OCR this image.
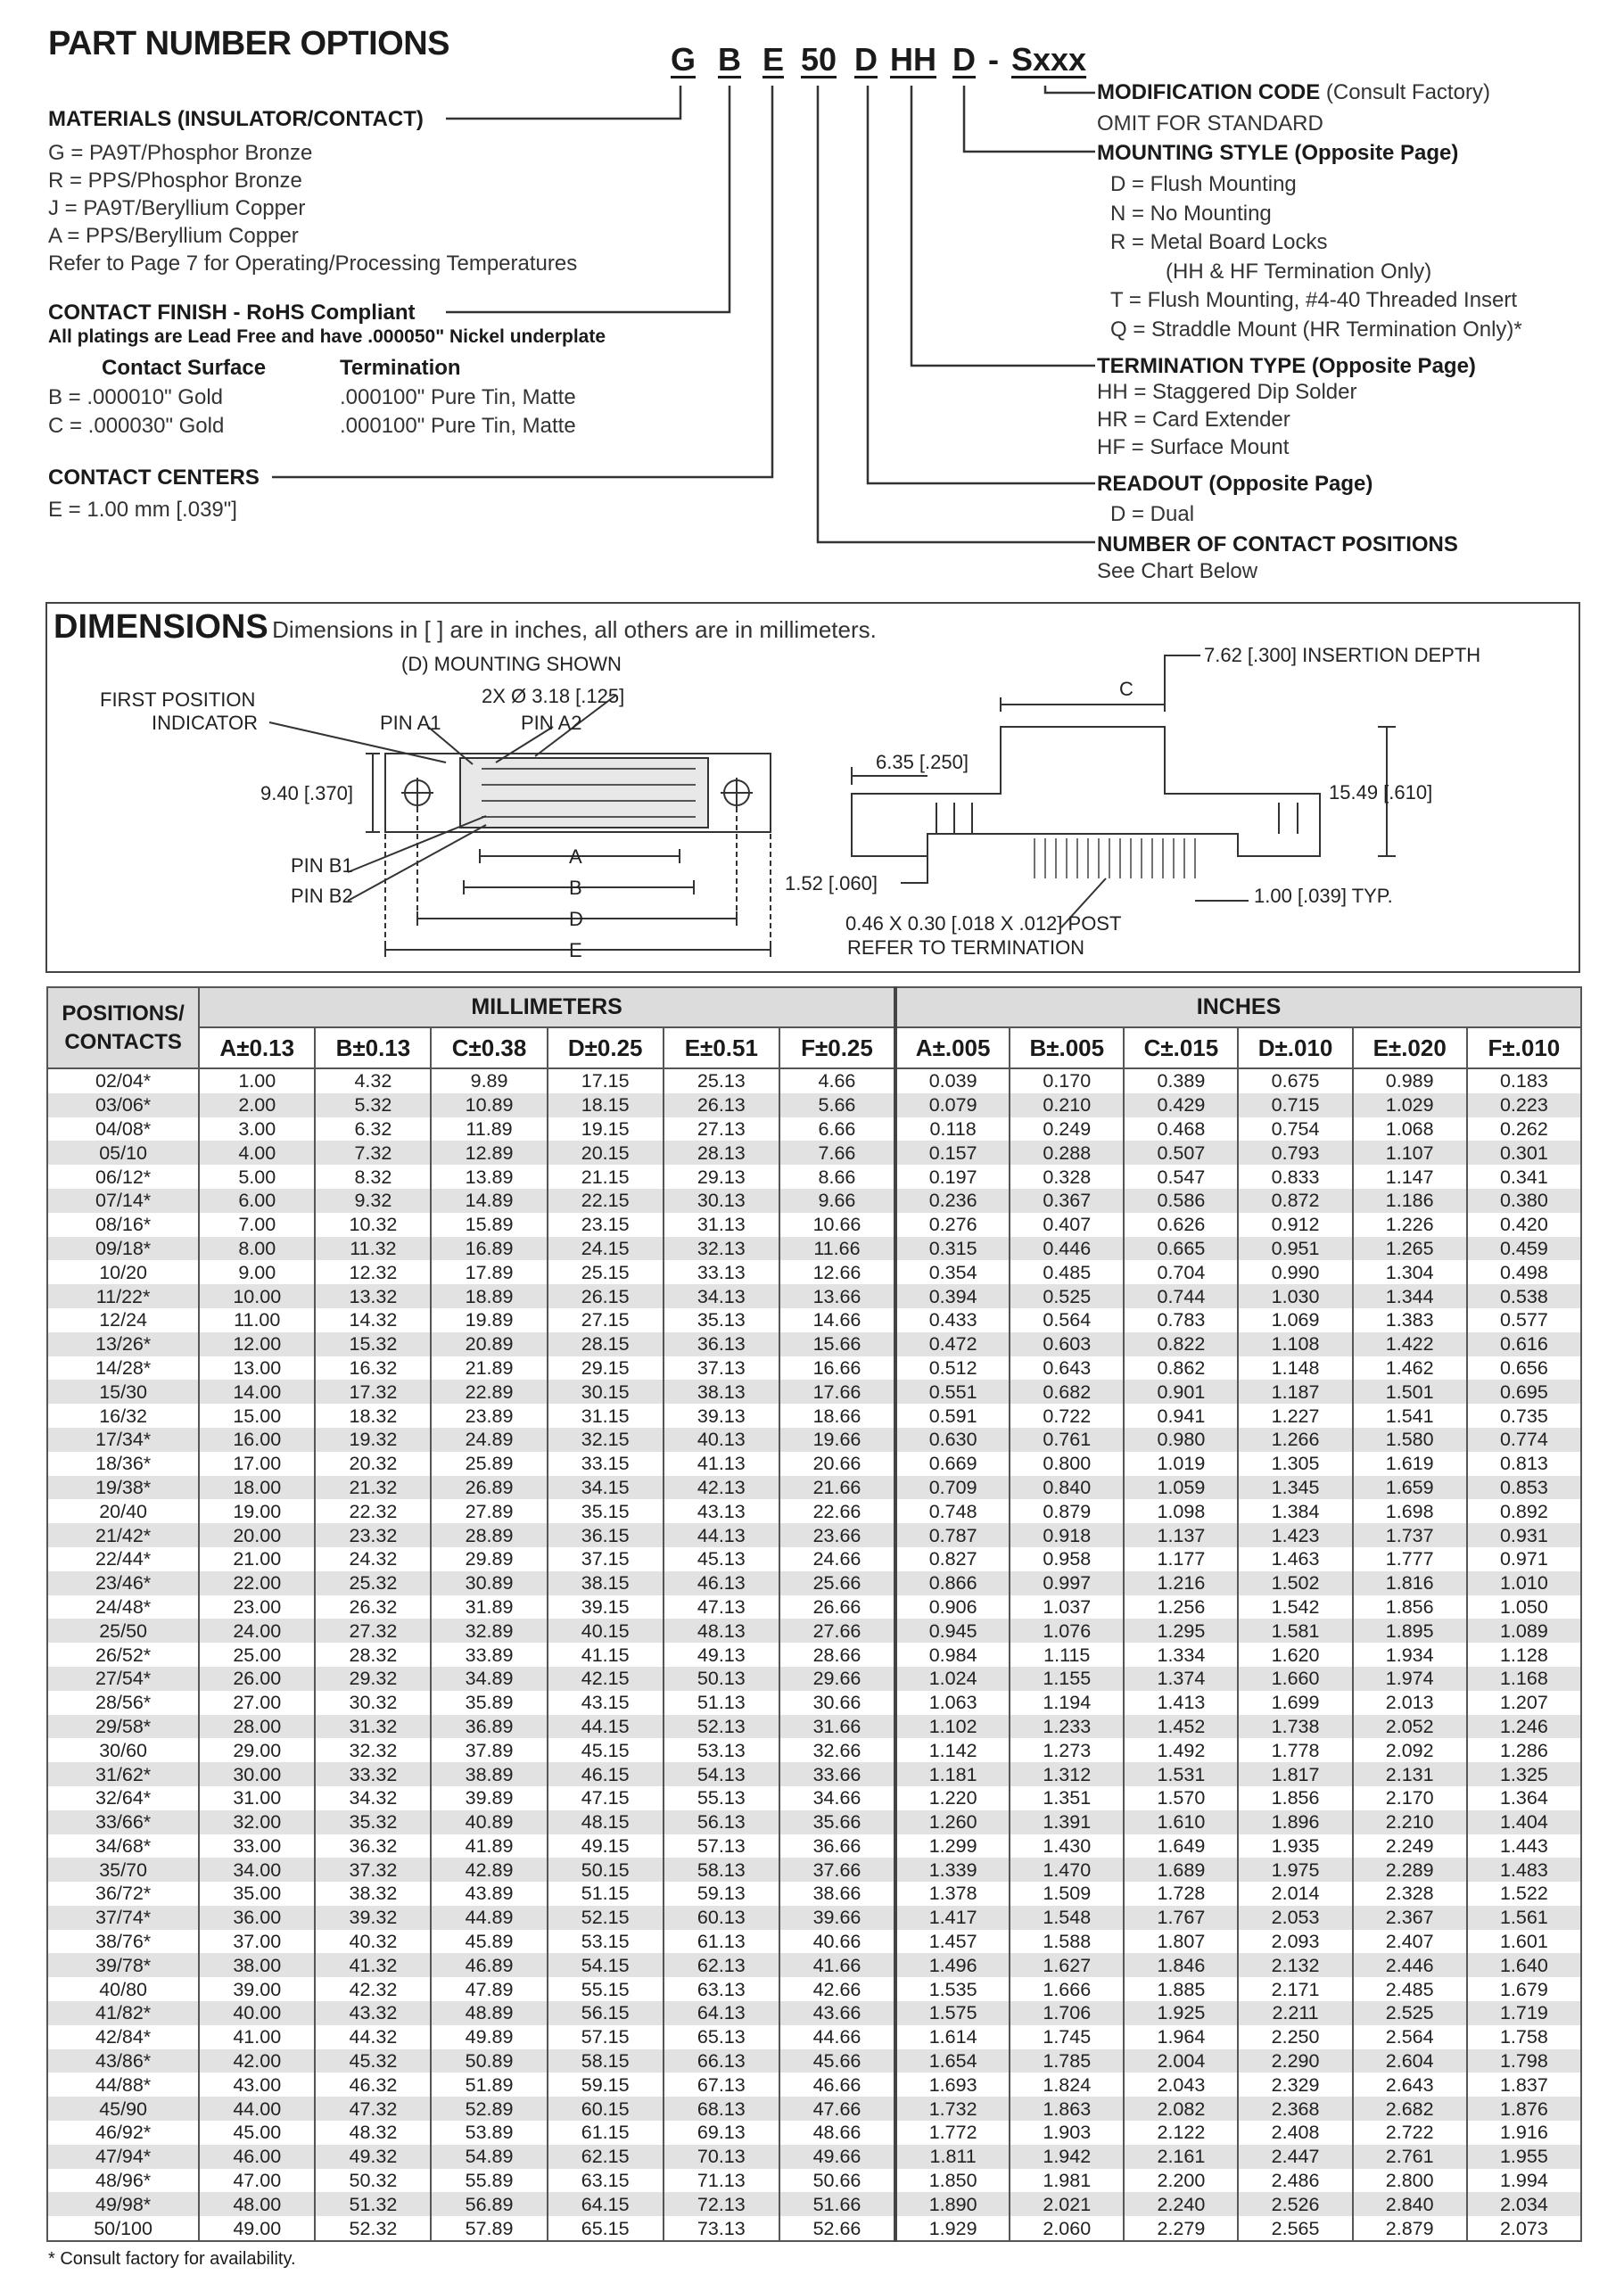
PART NUMBER OPTIONS	G B E 50 D HH D - Sxxx
MATERIALS (INSULATOR/CONTACT)
G = PA9T/Phosphor Bronze
R = PPS/Phosphor Bronze
J = PA9T/Beryllium Copper
A = PPS/Beryllium Copper
Refer to Page 7 for Operating/Processing Temperatures
CONTACT FINISH - RoHS Compliant
All platings are Lead Free and have .000050" Nickel underplate
Contact Surface	Termination
B = .000010" Gold	.000100" Pure Tin, Matte
C = .000030" Gold	.000100" Pure Tin, Matte
CONTACT CENTERS
E = 1.00 mm [.039"]
MODIFICATION CODE (Consult Factory)
OMIT FOR STANDARD
MOUNTING STYLE (Opposite Page)
D = Flush Mounting
N = No Mounting
R = Metal Board Locks
(HH & HF Termination Only)
T = Flush Mounting, #4-40 Threaded Insert
Q = Straddle Mount (HR Termination Only)*
TERMINATION TYPE (Opposite Page)
HH = Staggered Dip Solder
HR = Card Extender
HF = Surface Mount
READOUT (Opposite Page)
D = Dual
NUMBER OF CONTACT POSITIONS
See Chart Below
DIMENSIONS Dimensions in [ ] are in inches, all others are in millimeters.
(D) MOUNTING SHOWN
2X Ø 3.18 [.125]
FIRST POSITION
INDICATOR	PIN A1	PIN A2
9.40 [.370]
PIN B1
PIN B2
A
B
D
E
C
7.62 [.300] INSERTION DEPTH
6.35 [.250]
15.49 [.610]
1.52 [.060]
1.00 [.039] TYP.
0.46 X 0.30 [.018 X .012] POST
REFER TO TERMINATION
POSITIONS/
CONTACTS	MILLIMETERS						INCHES					
	A±0.13	B±0.13	C±0.38	D±0.25	E±0.51	F±0.25	A±.005	B±.005	C±.015	D±.010	E±.020	F±.010
02/04*	1.00	4.32	9.89	17.15	25.13	4.66	0.039	0.170	0.389	0.675	0.989	0.183
03/06*	2.00	5.32	10.89	18.15	26.13	5.66	0.079	0.210	0.429	0.715	1.029	0.223
04/08*	3.00	6.32	11.89	19.15	27.13	6.66	0.118	0.249	0.468	0.754	1.068	0.262
05/10	4.00	7.32	12.89	20.15	28.13	7.66	0.157	0.288	0.507	0.793	1.107	0.301
06/12*	5.00	8.32	13.89	21.15	29.13	8.66	0.197	0.328	0.547	0.833	1.147	0.341
07/14*	6.00	9.32	14.89	22.15	30.13	9.66	0.236	0.367	0.586	0.872	1.186	0.380
08/16*	7.00	10.32	15.89	23.15	31.13	10.66	0.276	0.407	0.626	0.912	1.226	0.420
09/18*	8.00	11.32	16.89	24.15	32.13	11.66	0.315	0.446	0.665	0.951	1.265	0.459
10/20	9.00	12.32	17.89	25.15	33.13	12.66	0.354	0.485	0.704	0.990	1.304	0.498
11/22*	10.00	13.32	18.89	26.15	34.13	13.66	0.394	0.525	0.744	1.030	1.344	0.538
12/24	11.00	14.32	19.89	27.15	35.13	14.66	0.433	0.564	0.783	1.069	1.383	0.577
13/26*	12.00	15.32	20.89	28.15	36.13	15.66	0.472	0.603	0.822	1.108	1.422	0.616
14/28*	13.00	16.32	21.89	29.15	37.13	16.66	0.512	0.643	0.862	1.148	1.462	0.656
15/30	14.00	17.32	22.89	30.15	38.13	17.66	0.551	0.682	0.901	1.187	1.501	0.695
16/32	15.00	18.32	23.89	31.15	39.13	18.66	0.591	0.722	0.941	1.227	1.541	0.735
17/34*	16.00	19.32	24.89	32.15	40.13	19.66	0.630	0.761	0.980	1.266	1.580	0.774
18/36*	17.00	20.32	25.89	33.15	41.13	20.66	0.669	0.800	1.019	1.305	1.619	0.813
19/38*	18.00	21.32	26.89	34.15	42.13	21.66	0.709	0.840	1.059	1.345	1.659	0.853
20/40	19.00	22.32	27.89	35.15	43.13	22.66	0.748	0.879	1.098	1.384	1.698	0.892
21/42*	20.00	23.32	28.89	36.15	44.13	23.66	0.787	0.918	1.137	1.423	1.737	0.931
22/44*	21.00	24.32	29.89	37.15	45.13	24.66	0.827	0.958	1.177	1.463	1.777	0.971
23/46*	22.00	25.32	30.89	38.15	46.13	25.66	0.866	0.997	1.216	1.502	1.816	1.010
24/48*	23.00	26.32	31.89	39.15	47.13	26.66	0.906	1.037	1.256	1.542	1.856	1.050
25/50	24.00	27.32	32.89	40.15	48.13	27.66	0.945	1.076	1.295	1.581	1.895	1.089
26/52*	25.00	28.32	33.89	41.15	49.13	28.66	0.984	1.115	1.334	1.620	1.934	1.128
27/54*	26.00	29.32	34.89	42.15	50.13	29.66	1.024	1.155	1.374	1.660	1.974	1.168
28/56*	27.00	30.32	35.89	43.15	51.13	30.66	1.063	1.194	1.413	1.699	2.013	1.207
29/58*	28.00	31.32	36.89	44.15	52.13	31.66	1.102	1.233	1.452	1.738	2.052	1.246
30/60	29.00	32.32	37.89	45.15	53.13	32.66	1.142	1.273	1.492	1.778	2.092	1.286
31/62*	30.00	33.32	38.89	46.15	54.13	33.66	1.181	1.312	1.531	1.817	2.131	1.325
32/64*	31.00	34.32	39.89	47.15	55.13	34.66	1.220	1.351	1.570	1.856	2.170	1.364
33/66*	32.00	35.32	40.89	48.15	56.13	35.66	1.260	1.391	1.610	1.896	2.210	1.404
34/68*	33.00	36.32	41.89	49.15	57.13	36.66	1.299	1.430	1.649	1.935	2.249	1.443
35/70	34.00	37.32	42.89	50.15	58.13	37.66	1.339	1.470	1.689	1.975	2.289	1.483
36/72*	35.00	38.32	43.89	51.15	59.13	38.66	1.378	1.509	1.728	2.014	2.328	1.522
37/74*	36.00	39.32	44.89	52.15	60.13	39.66	1.417	1.548	1.767	2.053	2.367	1.561
38/76*	37.00	40.32	45.89	53.15	61.13	40.66	1.457	1.588	1.807	2.093	2.407	1.601
39/78*	38.00	41.32	46.89	54.15	62.13	41.66	1.496	1.627	1.846	2.132	2.446	1.640
40/80	39.00	42.32	47.89	55.15	63.13	42.66	1.535	1.666	1.885	2.171	2.485	1.679
41/82*	40.00	43.32	48.89	56.15	64.13	43.66	1.575	1.706	1.925	2.211	2.525	1.719
42/84*	41.00	44.32	49.89	57.15	65.13	44.66	1.614	1.745	1.964	2.250	2.564	1.758
43/86*	42.00	45.32	50.89	58.15	66.13	45.66	1.654	1.785	2.004	2.290	2.604	1.798
44/88*	43.00	46.32	51.89	59.15	67.13	46.66	1.693	1.824	2.043	2.329	2.643	1.837
45/90	44.00	47.32	52.89	60.15	68.13	47.66	1.732	1.863	2.082	2.368	2.682	1.876
46/92*	45.00	48.32	53.89	61.15	69.13	48.66	1.772	1.903	2.122	2.408	2.722	1.916
47/94*	46.00	49.32	54.89	62.15	70.13	49.66	1.811	1.942	2.161	2.447	2.761	1.955
48/96*	47.00	50.32	55.89	63.15	71.13	50.66	1.850	1.981	2.200	2.486	2.800	1.994
49/98*	48.00	51.32	56.89	64.15	72.13	51.66	1.890	2.021	2.240	2.526	2.840	2.034
50/100	49.00	52.32	57.89	65.15	73.13	52.66	1.929	2.060	2.279	2.565	2.879	2.073
* Consult factory for availability.
